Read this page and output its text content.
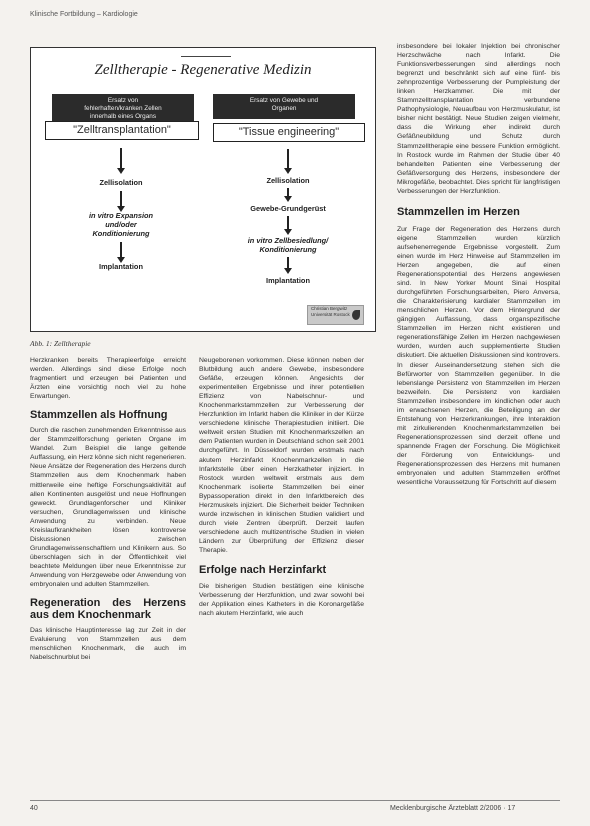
Klinische Fortbildung – Kardiologie
Zelltherapie - Regenerative Medizin
Ersatz von
fehlerhaften/kranken Zellen
innerhalb eines Organs
Ersatz von Gewebe und
Organen
"Zelltransplantation"	"Tissue engineering"
Zellisolation
in vitro Expansion
und/oder
Konditionierung
Implantation
Zellisolation
Gewebe-Grundgerüst
in vitro Zellbesiedlung/
Konditionierung
Implantation
Christian Bergwitz
Universität Rostock
Abb. 1: Zelltherapie

Herzkranken bereits Therapieerfolge erreicht werden. Allerdings sind diese Erfolge noch fragmentiert und erzeugen bei Patienten und Ärzten eine vorsichtig noch viel zu hohe Erwartungen.

Stammzellen als Hoffnung

Durch die raschen zunehmenden Erkenntnisse aus der Stammzellforschung gerieten Organe im Wandel. Zum Beispiel die lange geltende Auffassung, ein Herz könne sich nicht regenerieren. Neue Ansätze der Regeneration des Herzens durch Stammzellen aus dem Knochenmark haben mittlerweile eine heftige Forschungsaktivität auf allen Kontinenten ausgelöst und neue Hoffnungen geweckt. Grundlagenforscher und Kliniker versuchen, Grundlagenwissen und klinische Anwendung zu verbinden. Neue Kreislaufkrankheiten lösen kontroverse Diskussionen zwischen Grundlagenwissenschaftlern und Klinikern aus. So überschlagen sich in der Öffentlichkeit viel beachtete Meldungen über neue Erkenntnisse zur Anwendung von Herzgewebe oder Anwendung von embryonalen und adulten Stammzellen.

Regeneration des Herzens aus dem Knochenmark

Das klinische Hauptinteresse lag zur Zeit in der Evaluierung von Stammzellen aus dem menschlichen Knochenmark, die auch im Nabelschnurblut bei

Neugeborenen vorkommen. Diese können neben der Blutbildung auch andere Gewebe, insbesondere Gefäße, erzeugen können. Angesichts der experimentellen Ergebnisse und ihrer potentiellen Effizienz von Nabelschnur- und Knochenmarkstammzellen zur Verbesserung der Herzfunktion im Infarkt haben die Kliniker in der Kürze verschiedene klinische Therapiestudien initiiert. Die weltweit ersten Studien mit Knochenmarkszellen an dem Patienten wurden in Deutschland schon seit 2001 durchgeführt. In Düsseldorf wurden erstmals nach akutem Herzinfarkt Knochenmarkzellen in die Infarktstelle über einen Herzkatheter injiziert. In Rostock wurden weltweit erstmals aus dem Knochenmark isolierte Stammzellen bei einer Bypassoperation direkt in den Infarktbereich des Herzmuskels injiziert. Die Sicherheit beider Techniken wurde inzwischen in klinischen Studien validiert und durch viele Zentren überprüft. Derzeit laufen verschiedene auch multizentrische Studien in vielen Ländern zur Überprüfung der Effizienz dieser Therapie.

Erfolge nach Herzinfarkt

Die bisherigen Studien bestätigen eine klinische Verbesserung der Herzfunktion, und zwar sowohl bei der Applikation eines Katheters in die Koronargefäße nach akutem Herzinfarkt, wie auch

insbesondere bei lokaler Injektion bei chronischer Herzschwäche nach Infarkt. Die Funktionsverbesserungen sind allerdings noch begrenzt und beschränkt sich auf eine fünf- bis zehnprozentige Verbesserung der Pumpleistung der linken Herzkammer. Die mit der Stammzelltransplantation verbundene Pathophysiologie, Neuaufbau von Herzmuskulatur, ist bisher nicht bestätigt. Neue Studien zeigen vielmehr, dass die Wirkung eher indirekt durch Gefäßneubildung und Schutz durch Stammzelltherapie eine bessere Funktion ermöglicht. In Rostock wurde im Rahmen der Studie über 40 behandelten Patienten eine Verbesserung der Gefäßversorgung des Herzens, insbesondere der Mikrogefäße, beobachtet. Dies spricht für langfristigen Verbesserungen der Herzfunktion.

Stammzellen im Herzen

Zur Frage der Regeneration des Herzens durch eigene Stammzellen wurden kürzlich aufsehenerregende Ergebnisse vorgestellt. Zum einen wurde im Herz Hinweise auf Stammzellen im Herzen angegeben, die auf einen Regenerationspotential des Herzens angewiesen sind. In New Yorker Mount Sinai Hospital durchgeführten Forschungsarbeiten, Piero Anversa, die Charakterisierung kardialer Stammzellen im menschlichen Herzen. Vor dem Hintergrund der gängigen Auffassung, dass organspezifische Stammzellen im Herzen nicht existieren und regenerationsfähige Zellen im Herzen nachgewiesen wurden, wurden auch supplementierte Studien diskutiert. Die aktuellen Diskussionen sind kontrovers. In dieser Auseinandersetzung stehen sich die Befürworter von Stammzellen gegenüber. In die lebenslange Persistenz von Stammzellen im Herzen bezweifeln. Die Persistenz von kardialen Stammzellen insbesondere im kindlichen oder auch im erwachsenen Herzen, die Beteiligung an der Entstehung von Herzerkrankungen, ihre Interaktion mit zirkulierenden Knochenmarkstammzellen bei Regenerationsprozessen sind derzeit offene und spannende Fragen der Forschung. Die Möglichkeit der Förderung von Entwicklungs- und Regenerationsprozessen des Herzens mit humanen embryonalen und adulten Stammzellen eröffnet wesentliche Voraussetzung für Fortschritt auf diesem

40	Mecklenburgische Ärzteblatt 2/2006 · 17
